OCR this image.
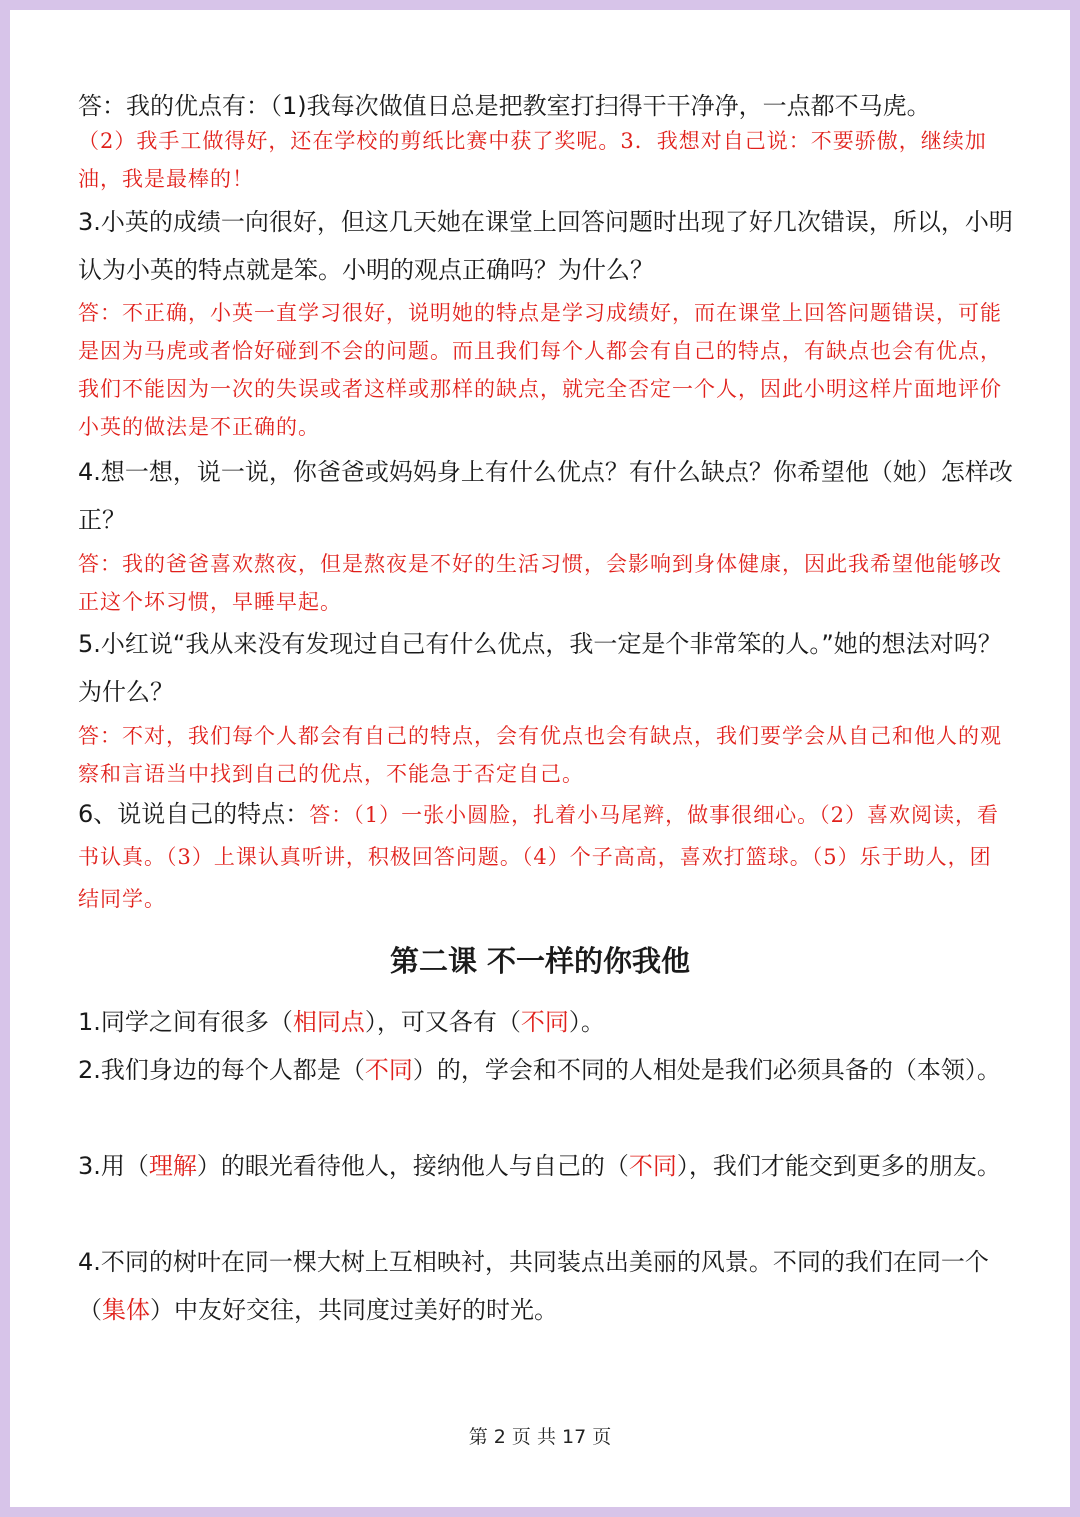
答：我的优点有：（1)我每次做值日总是把教室打扫得干干净净，一点都不马虎。

（2）我手工做得好，还在学校的剪纸比赛中获了奖呢。3．我想对自己说：不要骄傲，继续加油，我是最棒的！

3.小英的成绩一向很好，但这几天她在课堂上回答问题时出现了好几次错误，所以，小明认为小英的特点就是笨。小明的观点正确吗？为什么？

答：不正确，小英一直学习很好，说明她的特点是学习成绩好，而在课堂上回答问题错误，可能是因为马虎或者恰好碰到不会的问题。而且我们每个人都会有自己的特点，有缺点也会有优点，我们不能因为一次的失误或者这样或那样的缺点，就完全否定一个人，因此小明这样片面地评价小英的做法是不正确的。

4.想一想，说一说，你爸爸或妈妈身上有什么优点？有什么缺点？你希望他（她）怎样改正？

答：我的爸爸喜欢熬夜，但是熬夜是不好的生活习惯，会影响到身体健康，因此我希望他能够改正这个坏习惯，早睡早起。

5.小红说“我从来没有发现过自己有什么优点，我一定是个非常笨的人。”她的想法对吗？为什么？

答：不对，我们每个人都会有自己的特点，会有优点也会有缺点，我们要学会从自己和他人的观察和言语当中找到自己的优点，不能急于否定自己。

6、说说自己的特点：答：（1）一张小圆脸，扎着小马尾辫，做事很细心。（2）喜欢阅读，看书认真。（3）上课认真听讲，积极回答问题。（4）个子高高，喜欢打篮球。（5）乐于助人，团结同学。

第二课 不一样的你我他

1.同学之间有很多（相同点），可又各有（不同）。

2.我们身边的每个人都是（不同）的，学会和不同的人相处是我们必须具备的（本领）。

3.用（理解）的眼光看待他人，接纳他人与自己的（不同），我们才能交到更多的朋友。

4.不同的树叶在同一棵大树上互相映衬，共同装点出美丽的风景。不同的我们在同一个（集体）中友好交往，共同度过美好的时光。

第 2 页 共 17 页
